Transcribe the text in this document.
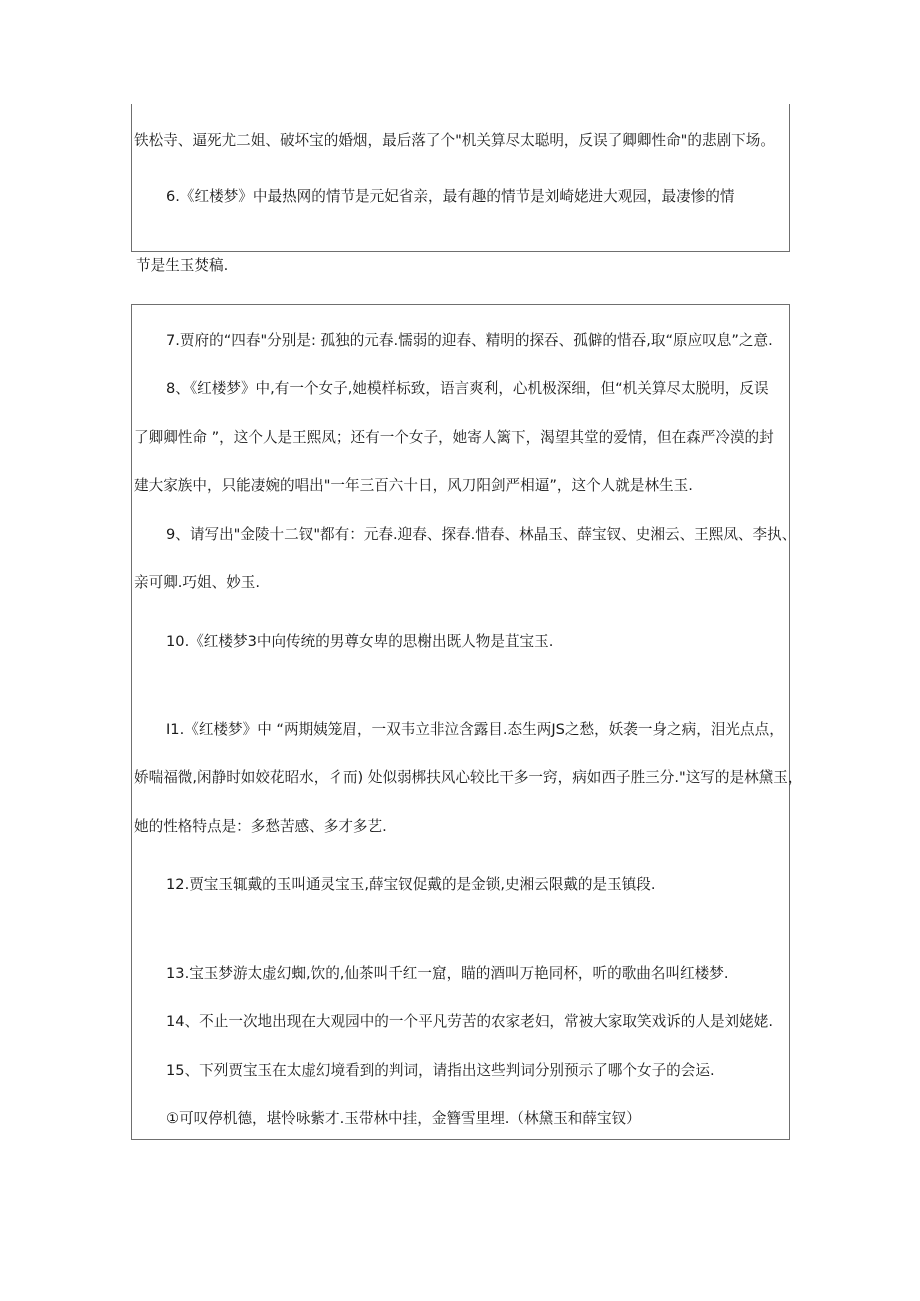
铁松寺、逼死尤二姐、破坏宝的婚烟，最后落了个"机关算尽太聪明，反误了卿卿性命"的悲剧下场。
6.《红楼梦》中最热网的情节是元妃省亲，最有趣的情节是刘崎姥进大观园，最凄惨的情
节是生玉焚稿.
7.贾府的“四春"分别是: 孤独的元春.懦弱的迎春、精明的探吞、孤僻的惜吞,取“原应叹息”之意.
8、《红楼梦》中,有一个女子,她模样标致，语言爽利，心机极深细，但“机关算尽太脱明，反误
了卿卿性命 ”，这个人是王熙凤；还有一个女子，她寄人篱下，渴望其堂的爱情，但在森严冷漠的封
建大家族中，只能凄婉的唱出"一年三百六十日，风刀阳剑严相逼”，这个人就是林生玉.
9、请写出"金陵十二钗"都有：元春.迎春、探春.惜春、林晶玉、薛宝钗、史湘云、王熙凤、李执、
亲可卿.巧姐、妙玉.
10.《红楼梦3中向传统的男尊女卑的思榭出既人物是苴宝玉.
I1.《红楼梦》中 “两期姨笼眉，一双韦立非泣含露目.态生两JS之愁，妖袭一身之病，泪光点点，
娇喘福微,闲静时如姣花昭水，彳而) 处似弱梆扶风心较比干多一窍，病如西子胜三分."这写的是林黛玉，
她的性格特点是：多愁苦感、多才多艺.
12.贾宝玉辄戴的玉叫通灵宝玉,薛宝钗促戴的是金锁,史湘云限戴的是玉镇段.
13.宝玉梦游太虚幻蜘,饮的,仙茶叫千红一窟，瞄的酒叫万艳同杯，听的歌曲名叫红楼梦.
14、不止一次地出现在大观园中的一个平凡劳苦的农家老妇，常被大家取笑戏诉的人是刘姥姥.
15、下列贾宝玉在太虚幻境看到的判词，请指出这些判词分别预示了哪个女子的会运.
①可叹停机德，堪怜咏紫才.玉带林中挂，金簪雪里埋.（林黛玉和薛宝钗）
